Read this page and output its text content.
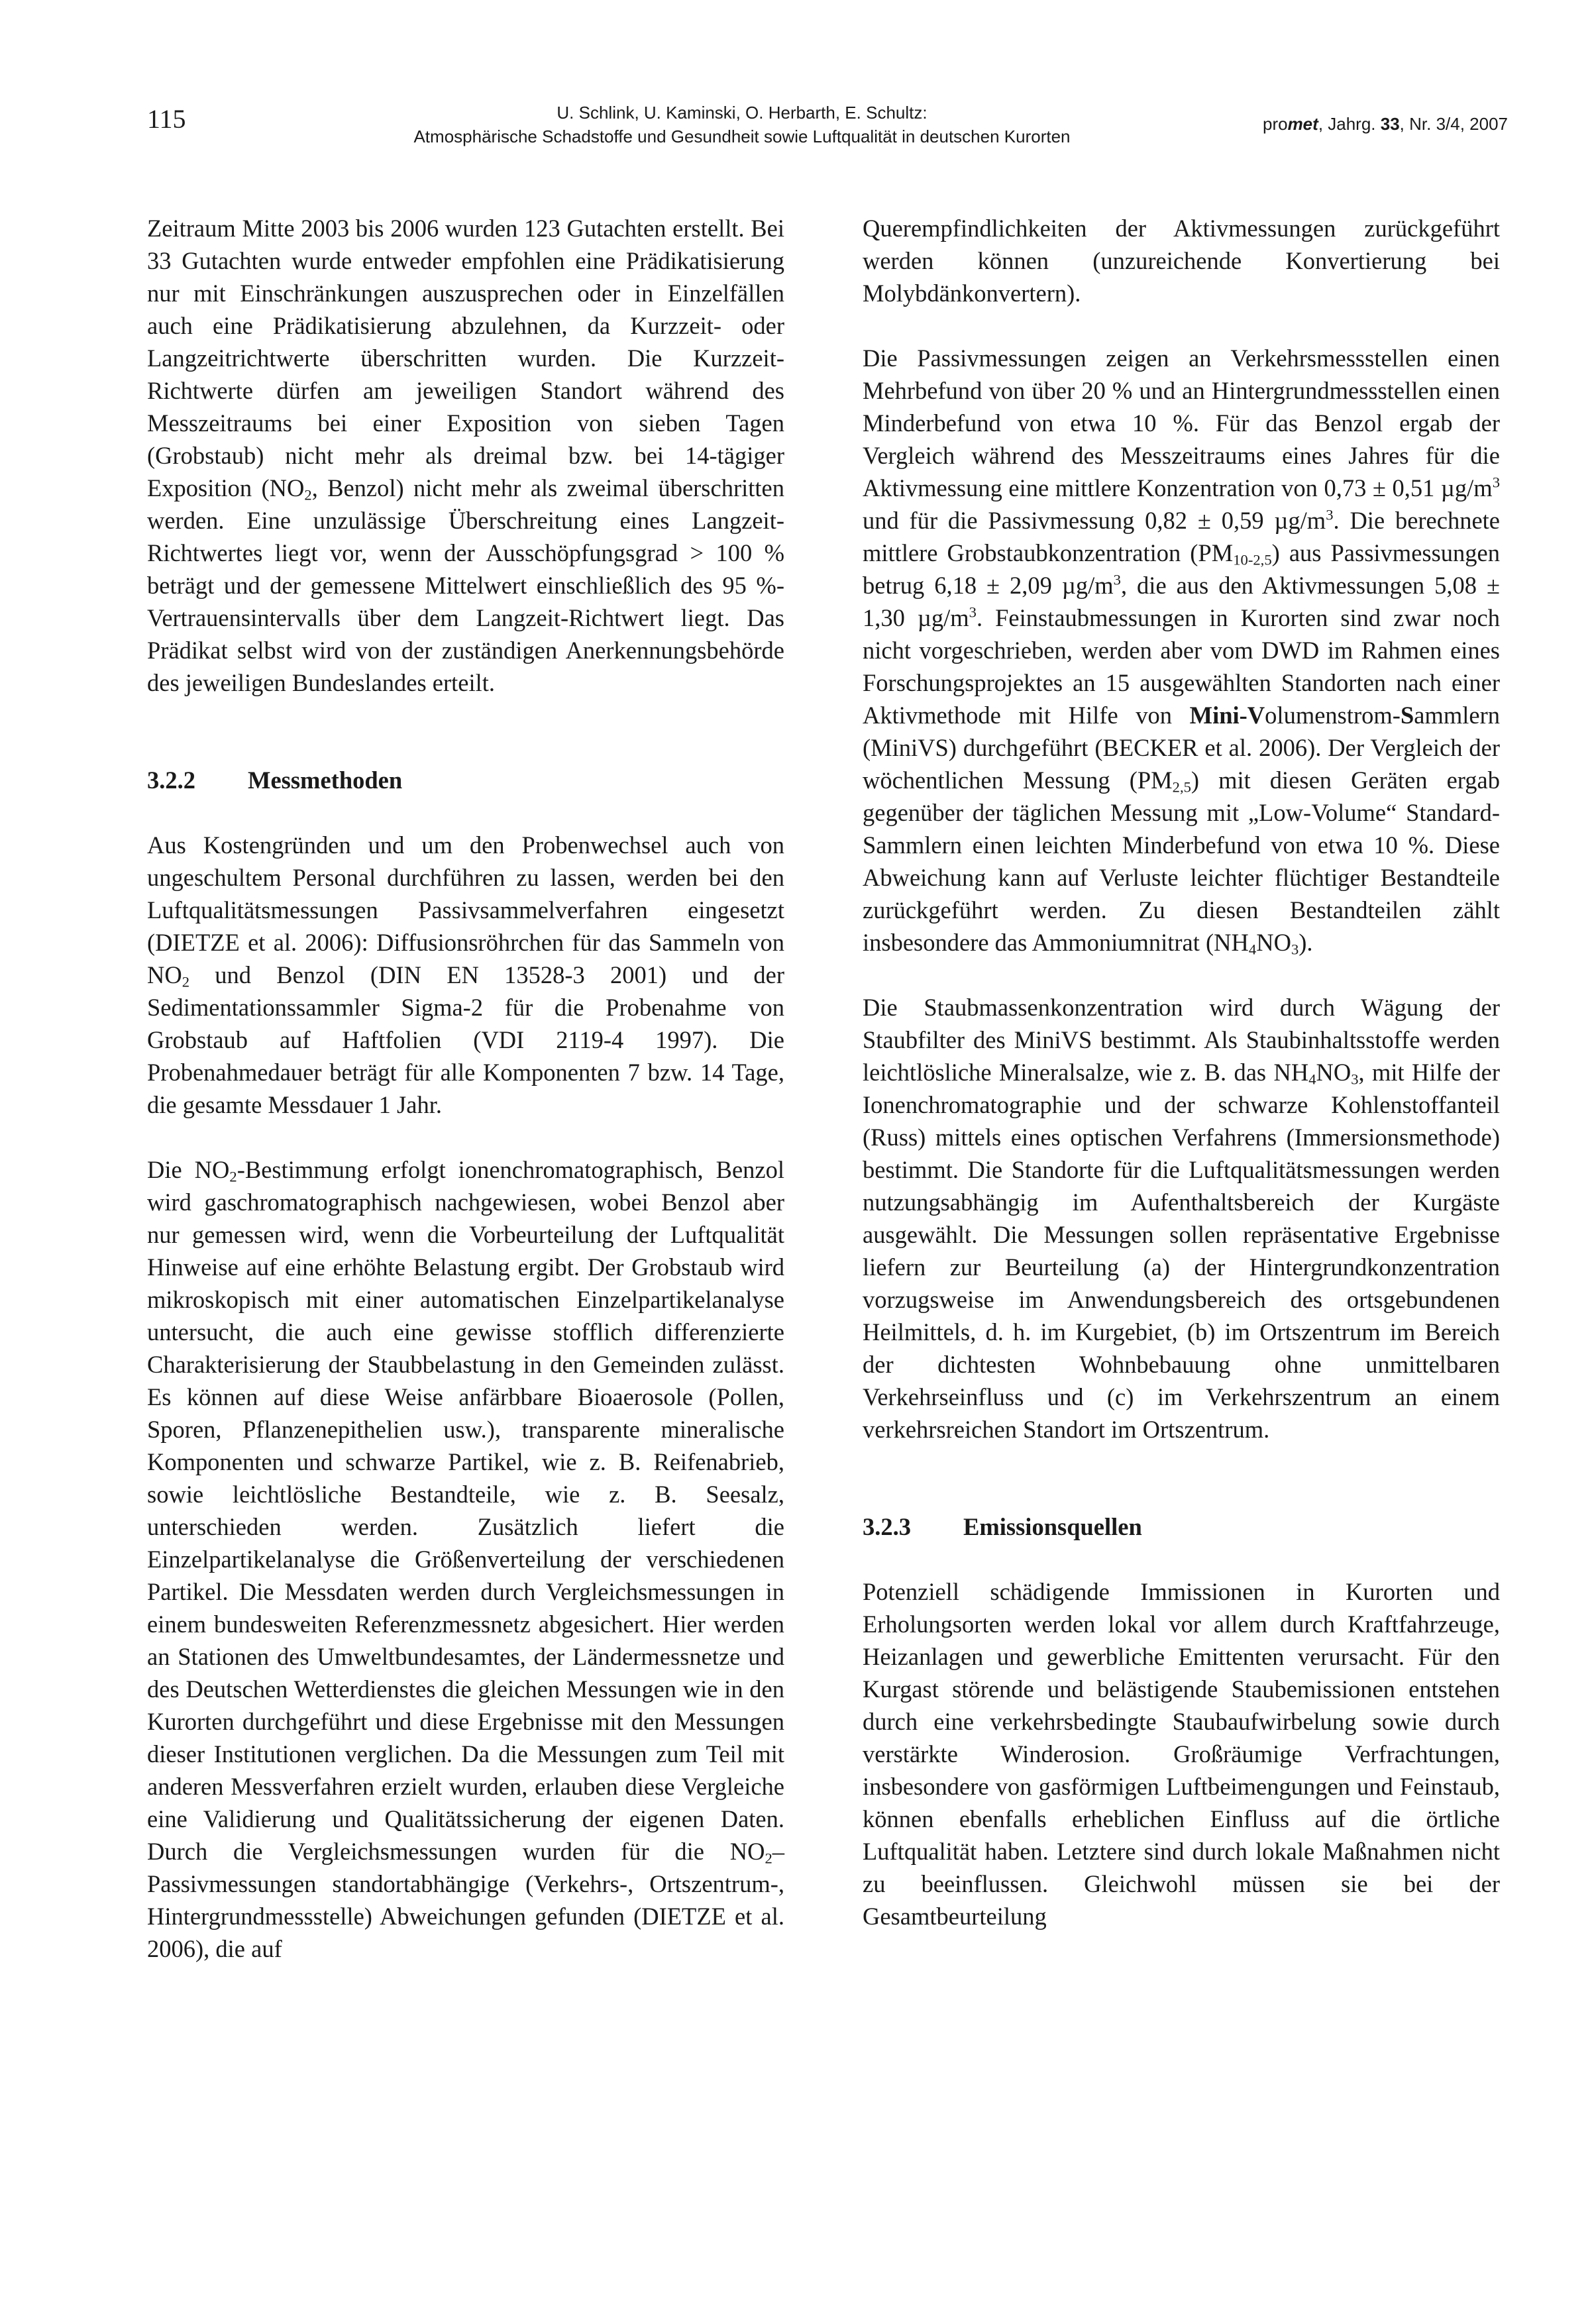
115	U. Schlink, U. Kaminski, O. Herbarth, E. Schultz:
Atmosphärische Schadstoffe und Gesundheit sowie Luftqualität in deutschen Kurorten
promet, Jahrg. 33, Nr. 3/4, 2007

Zeitraum Mitte 2003 bis 2006 wurden 123 Gutachten erstellt. Bei 33 Gutachten wurde entweder empfohlen eine Prädikatisierung nur mit Einschränkungen auszusprechen oder in Einzelfällen auch eine Prädikatisierung abzulehnen, da Kurzzeit- oder Langzeitrichtwerte überschritten wurden. Die Kurzzeit-Richtwerte dürfen am jeweiligen Standort während des Messzeitraums bei einer Exposition von sieben Tagen (Grobstaub) nicht mehr als dreimal bzw. bei 14-tägiger Exposition ($NO_2$, Benzol) nicht mehr als zweimal überschritten werden. Eine unzulässige Überschreitung eines Langzeit-Richtwertes liegt vor, wenn der Ausschöpfungsgrad > 100 % beträgt und der gemessene Mittelwert einschließlich des 95 %-Vertrauensintervalls über dem Langzeit-Richtwert liegt. Das Prädikat selbst wird von der zuständigen Anerkennungsbehörde des jeweiligen Bundeslandes erteilt.

3.2.2 Messmethoden

Aus Kostengründen und um den Probenwechsel auch von ungeschultem Personal durchführen zu lassen, werden bei den Luftqualitätsmessungen Passivsammelverfahren eingesetzt (DIETZE et al. 2006): Diffusionsröhrchen für das Sammeln von $NO_2$ und Benzol (DIN EN 13528-3 2001) und der Sedimentationssammler Sigma-2 für die Probenahme von Grobstaub auf Haftfolien (VDI 2119-4 1997). Die Probenahmedauer beträgt für alle Komponenten 7 bzw. 14 Tage, die gesamte Messdauer 1 Jahr.

Die $NO_2$-Bestimmung erfolgt ionenchromatographisch, Benzol wird gaschromatographisch nachgewiesen, wobei Benzol aber nur gemessen wird, wenn die Vorbeurteilung der Luftqualität Hinweise auf eine erhöhte Belastung ergibt. Der Grobstaub wird mikroskopisch mit einer automatischen Einzelpartikelanalyse untersucht, die auch eine gewisse stofflich differenzierte Charakterisierung der Staubbelastung in den Gemeinden zulässt. Es können auf diese Weise anfärbbare Bioaerosole (Pollen, Sporen, Pflanzenepithelien usw.), transparente mineralische Komponenten und schwarze Partikel, wie z. B. Reifenabrieb, sowie leichtlösliche Bestandteile, wie z. B. Seesalz, unterschieden werden. Zusätzlich liefert die Einzelpartikelanalyse die Größenverteilung der verschiedenen Partikel. Die Messdaten werden durch Vergleichsmessungen in einem bundesweiten Referenzmessnetz abgesichert. Hier werden an Stationen des Umweltbundesamtes, der Ländermessnetze und des Deutschen Wetterdienstes die gleichen Messungen wie in den Kurorten durchgeführt und diese Ergebnisse mit den Messungen dieser Institutionen verglichen. Da die Messungen zum Teil mit anderen Messverfahren erzielt wurden, erlauben diese Vergleiche eine Validierung und Qualitätssicherung der eigenen Daten. Durch die Vergleichsmessungen wurden für die $NO_2$–Passivmessungen standortabhängige (Verkehrs-, Ortszentrum-, Hintergrundmessstelle) Abweichungen gefunden (DIETZE et al. 2006), die auf

Querempfindlichkeiten der Aktivmessungen zurückgeführt werden können (unzureichende Konvertierung bei Molybdänkonvertern).

Die Passivmessungen zeigen an Verkehrsmessstellen einen Mehrbefund von über 20 % und an Hintergrundmessstellen einen Minderbefund von etwa 10 %. Für das Benzol ergab der Vergleich während des Messzeitraums eines Jahres für die Aktivmessung eine mittlere Konzentration von 0,73 ± 0,51 $\mu g/m^3$ und für die Passivmessung 0,82 ± 0,59 $\mu g/m^3$. Die berechnete mittlere Grobstaubkonzentration $(PM_{10-2,5})$ aus Passivmessungen betrug 6,18 ± 2,09 $\mu g/m^3$, die aus den Aktivmessungen 5,08 ± 1,30 $\mu g/m^3$. Feinstaubmessungen in Kurorten sind zwar noch nicht vorgeschrieben, werden aber vom DWD im Rahmen eines Forschungsprojektes an 15 ausgewählten Standorten nach einer Aktivmethode mit Hilfe von Mini-Volumenstrom-Sammlern (MiniVS) durchgeführt (BECKER et al. 2006). Der Vergleich der wöchentlichen Messung $(PM_{2,5})$ mit diesen Geräten ergab gegenüber der täglichen Messung mit „Low-Volume“ Standard-Sammlern einen leichten Minderbefund von etwa 10 %. Diese Abweichung kann auf Verluste leichter flüchtiger Bestandteile zurückgeführt werden. Zu diesen Bestandteilen zählt insbesondere das Ammoniumnitrat $(NH_4NO_3)$.

Die Staubmassenkonzentration wird durch Wägung der Staubfilter des MiniVS bestimmt. Als Staubinhaltsstoffe werden leichtlösliche Mineralsalze, wie z. B. das $NH_4NO_3$, mit Hilfe der Ionenchromatographie und der schwarze Kohlenstoffanteil (Russ) mittels eines optischen Verfahrens (Immersionsmethode) bestimmt. Die Standorte für die Luftqualitätsmessungen werden nutzungsabhängig im Aufenthaltsbereich der Kurgäste ausgewählt. Die Messungen sollen repräsentative Ergebnisse liefern zur Beurteilung (a) der Hintergrundkonzentration vorzugsweise im Anwendungsbereich des ortsgebundenen Heilmittels, d. h. im Kurgebiet, (b) im Ortszentrum im Bereich der dichtesten Wohnbebauung ohne unmittelbaren Verkehrseinfluss und (c) im Verkehrszentrum an einem verkehrsreichen Standort im Ortszentrum.

3.2.3 Emissionsquellen

Potenziell schädigende Immissionen in Kurorten und Erholungsorten werden lokal vor allem durch Kraftfahrzeuge, Heizanlagen und gewerbliche Emittenten verursacht. Für den Kurgast störende und belästigende Staubemissionen entstehen durch eine verkehrsbedingte Staubaufwirbelung sowie durch verstärkte Winderosion. Großräumige Verfrachtungen, insbesondere von gasförmigen Luftbeimengungen und Feinstaub, können ebenfalls erheblichen Einfluss auf die örtliche Luftqualität haben. Letztere sind durch lokale Maßnahmen nicht zu beeinflussen. Gleichwohl müssen sie bei der Gesamtbeurteilung
